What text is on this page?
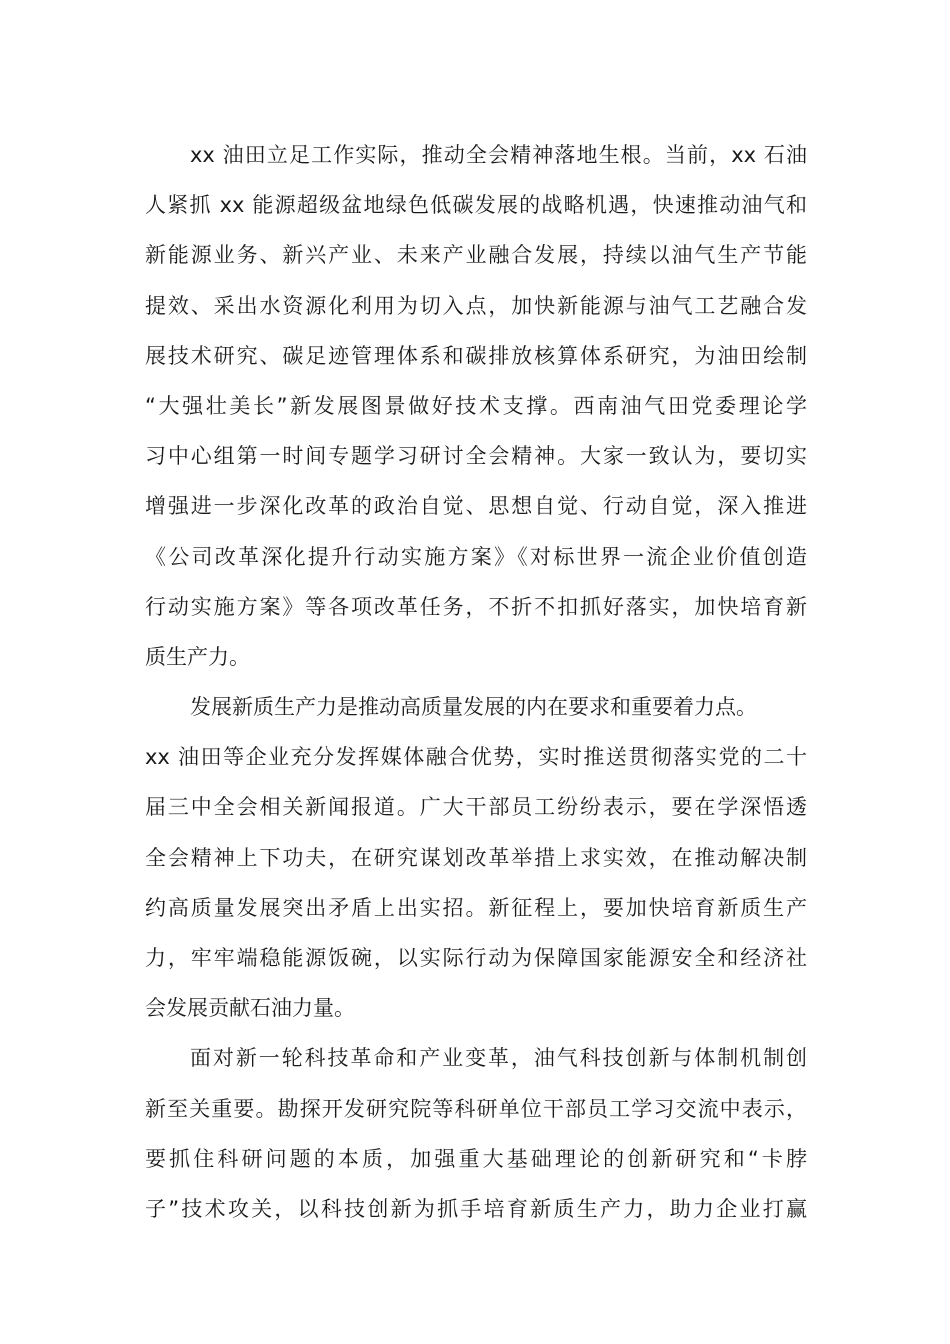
xx 油田立足工作实际，推动全会精神落地生根。当前，xx 石油
人紧抓 xx 能源超级盆地绿色低碳发展的战略机遇，快速推动油气和
新能源业务、新兴产业、未来产业融合发展，持续以油气生产节能
提效、采出水资源化利用为切入点，加快新能源与油气工艺融合发
展技术研究、碳足迹管理体系和碳排放核算体系研究，为油田绘制
“大强壮美长”新发展图景做好技术支撑。西南油气田党委理论学
习中心组第一时间专题学习研讨全会精神。大家一致认为，要切实
增强进一步深化改革的政治自觉、思想自觉、行动自觉，深入推进
《公司改革深化提升行动实施方案》《对标世界一流企业价值创造
行动实施方案》等各项改革任务，不折不扣抓好落实，加快培育新
质生产力。
发展新质生产力是推动高质量发展的内在要求和重要着力点。
xx 油田等企业充分发挥媒体融合优势，实时推送贯彻落实党的二十
届三中全会相关新闻报道。广大干部员工纷纷表示，要在学深悟透
全会精神上下功夫，在研究谋划改革举措上求实效，在推动解决制
约高质量发展突出矛盾上出实招。新征程上，要加快培育新质生产
力，牢牢端稳能源饭碗，以实际行动为保障国家能源安全和经济社
会发展贡献石油力量。
面对新一轮科技革命和产业变革，油气科技创新与体制机制创
新至关重要。勘探开发研究院等科研单位干部员工学习交流中表示，
要抓住科研问题的本质，加强重大基础理论的创新研究和“卡脖
子”技术攻关，以科技创新为抓手培育新质生产力，助力企业打赢
